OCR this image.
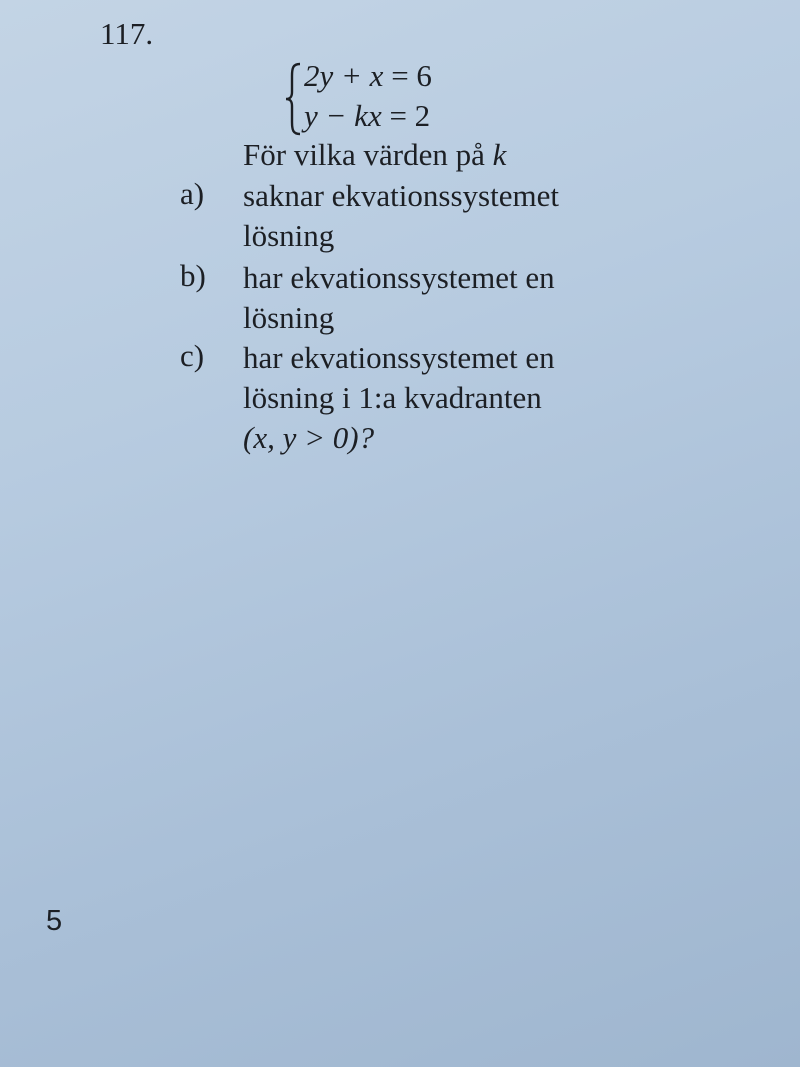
117.
2y + x = 6
y − kx = 2
För vilka värden på k
a) saknar ekvationssystemet
lösning
b) har ekvationssystemet en
lösning
c) har ekvationssystemet en
lösning i 1:a kvadranten
(x, y > 0)?
5
